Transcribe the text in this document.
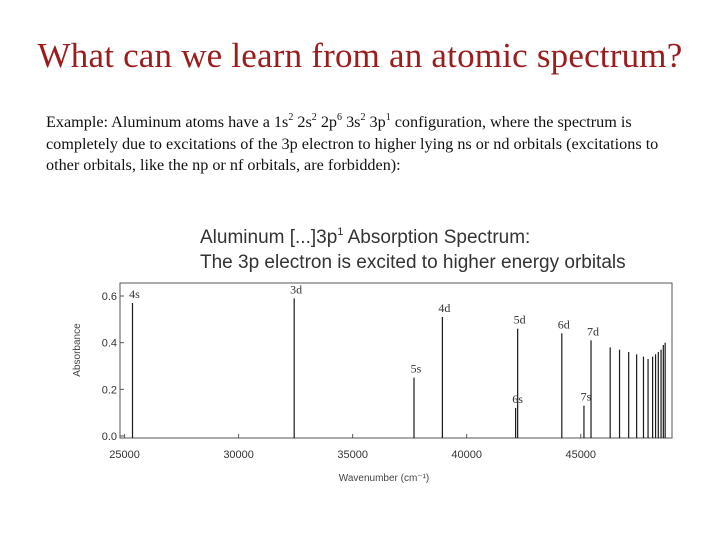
What can we learn from an atomic spectrum?
Example: Aluminum atoms have a $1s^2$ $2s^2$ $2p^6$ $3s^2$ $3p^1$ configuration, where the spectrum is completely due to excitations of the 3p electron to higher lying ns or nd orbitals (excitations to other orbitals, like the np or nf orbitals, are forbidden):
Aluminum $[...]3p^1$ Absorption Spectrum:
The 3p electron is excited to higher energy orbitals
0.0
0.2
0.4
0.6
25000	30000	35000	40000	45000
4s	3d
4d
5s
5d
6s
6d 7d
7s
Absorbance
Wavenumber (cm⁻¹)
